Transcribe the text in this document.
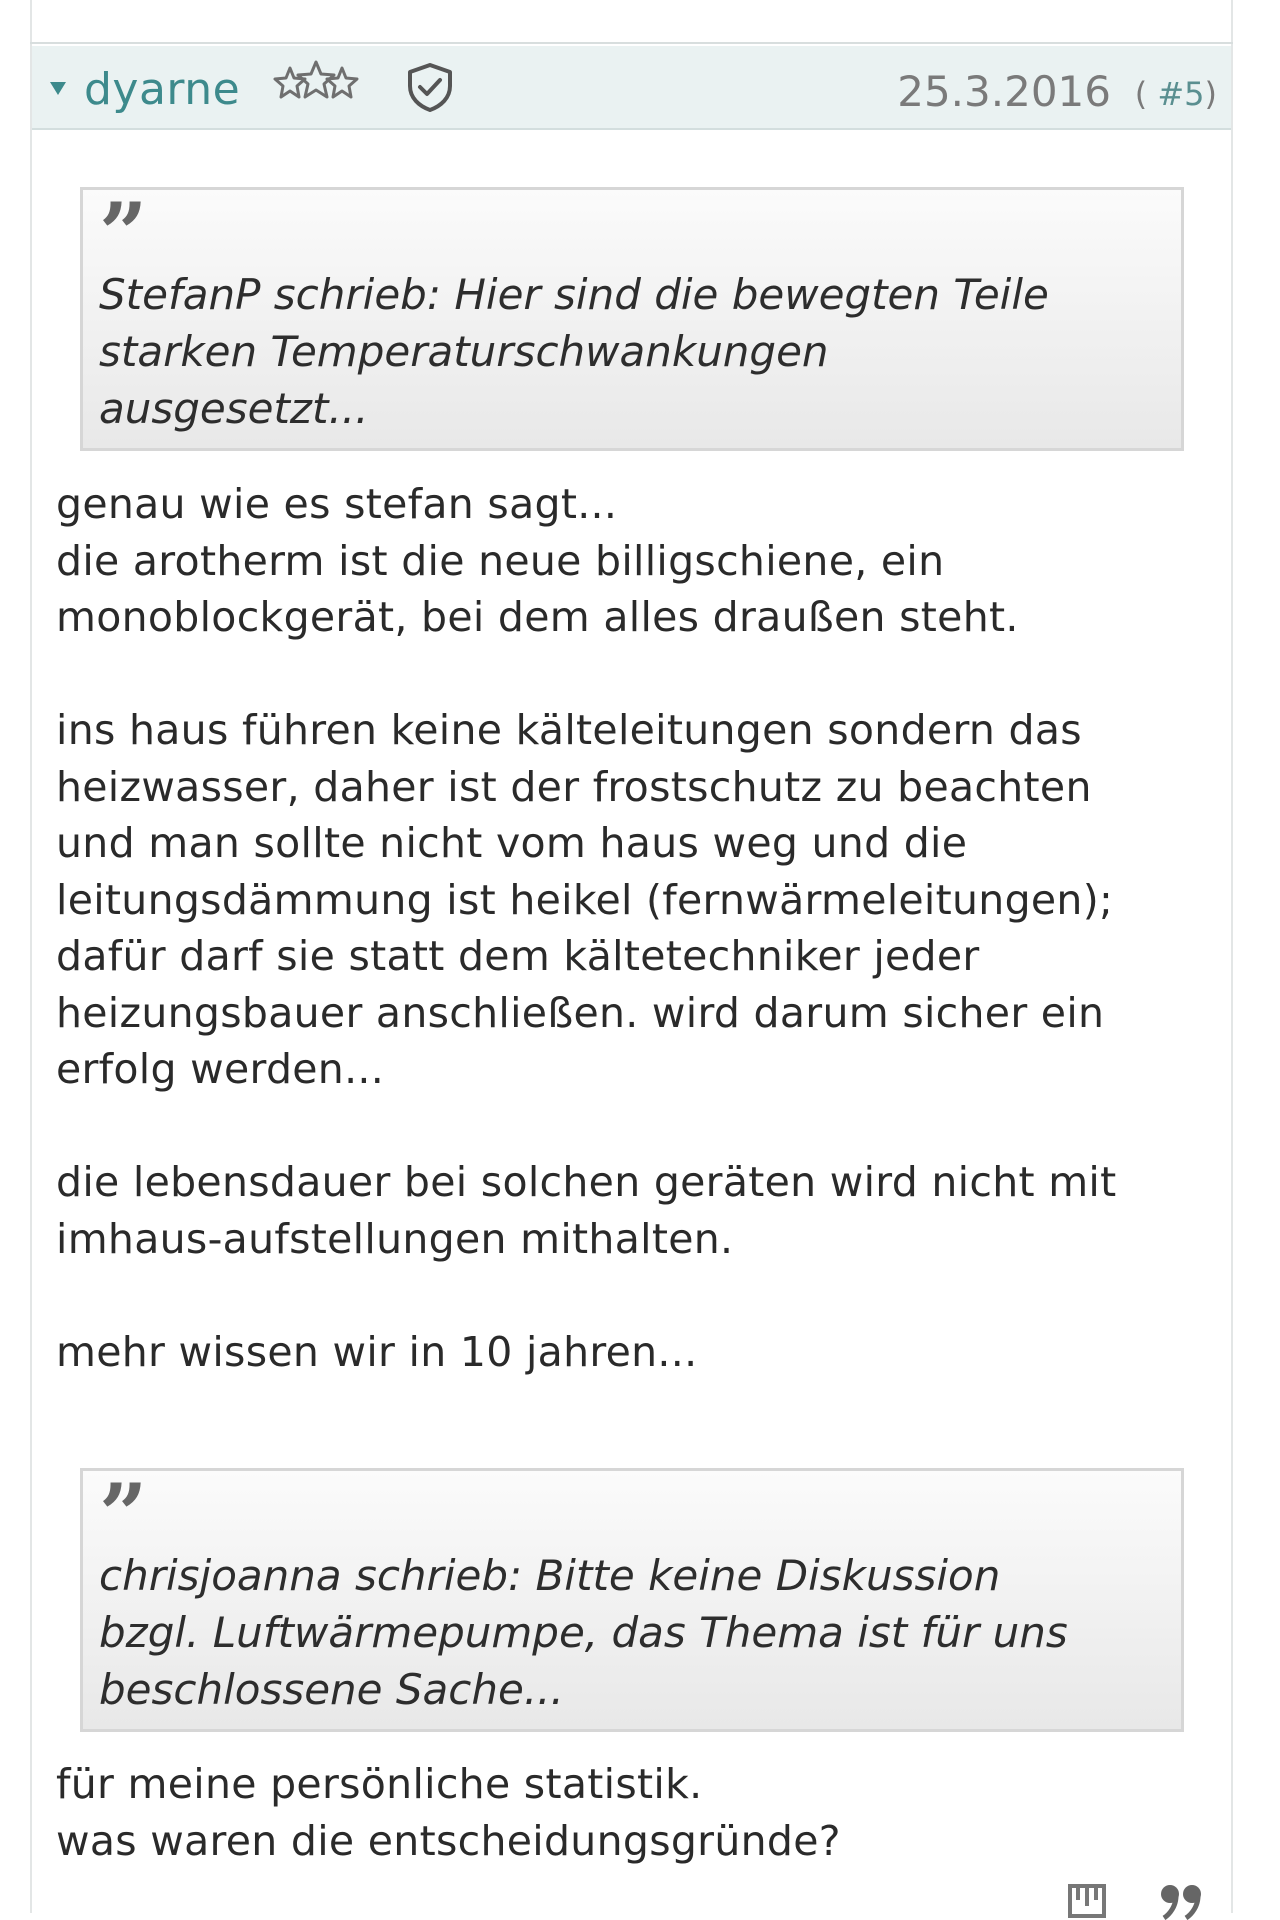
dyarne	25.3.2016 ( #5)
”
StefanP schrieb: Hier sind die bewegten Teile
starken Temperaturschwankungen
ausgesetzt...
genau wie es stefan sagt...
die arotherm ist die neue billigschiene, ein
monoblockgerät, bei dem alles draußen steht.

ins haus führen keine kälteleitungen sondern das
heizwasser, daher ist der frostschutz zu beachten
und man sollte nicht vom haus weg und die
leitungsdämmung ist heikel (fernwärmeleitungen);
dafür darf sie statt dem kältetechniker jeder
heizungsbauer anschließen. wird darum sicher ein
erfolg werden...

die lebensdauer bei solchen geräten wird nicht mit
imhaus-aufstellungen mithalten.

mehr wissen wir in 10 jahren...
”
chrisjoanna schrieb: Bitte keine Diskussion
bzgl. Luftwärmepumpe, das Thema ist für uns
beschlossene Sache...
für meine persönliche statistik.
was waren die entscheidungsgründe?
